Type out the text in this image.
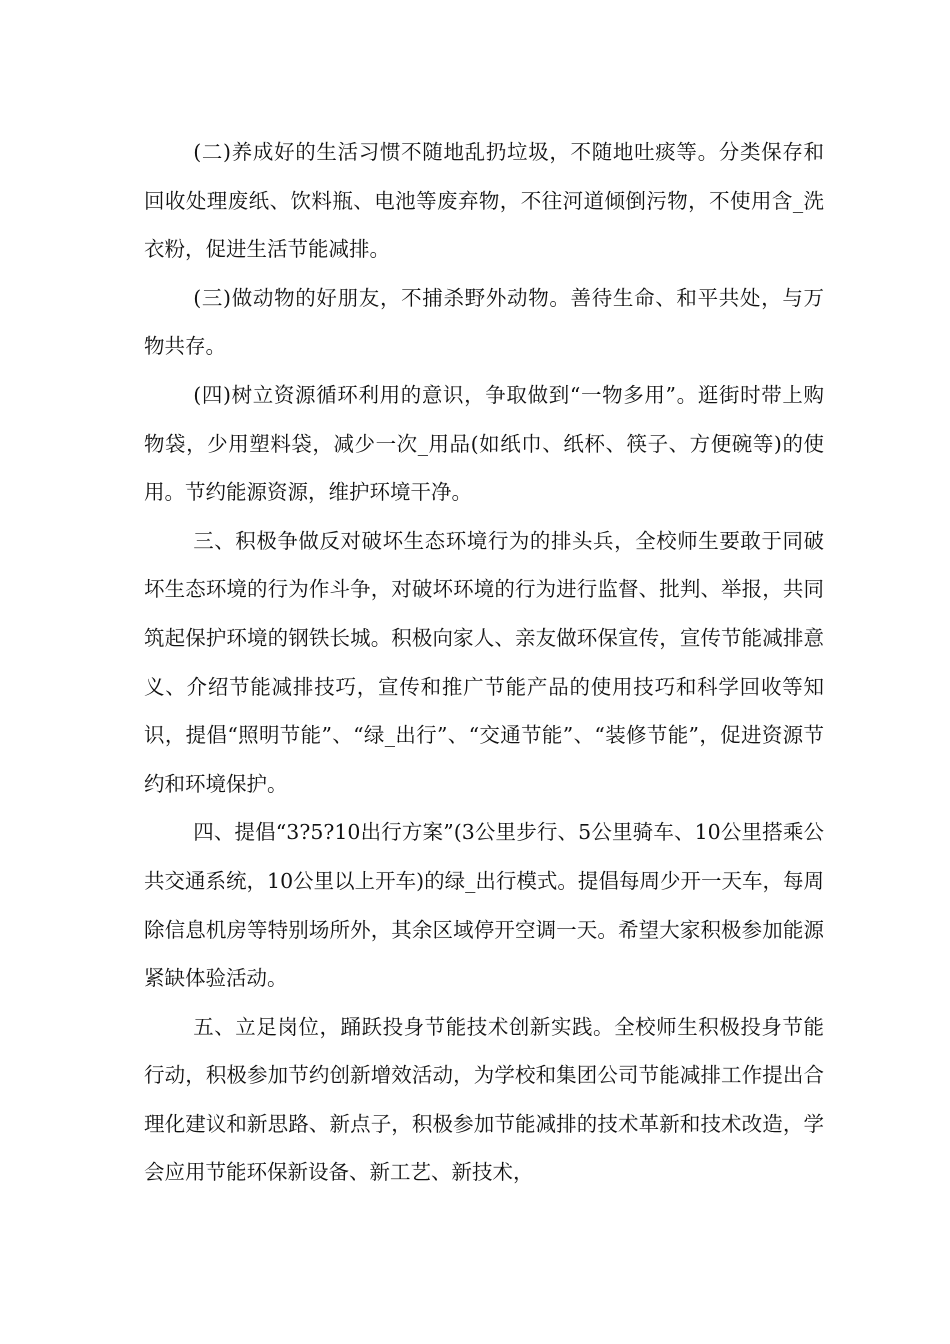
(二)养成好的生活习惯不随地乱扔垃圾，不随地吐痰等。分类保存和回收处理废纸、饮料瓶、电池等废弃物，不往河道倾倒污物，不使用含_洗衣粉，促进生活节能减排。

(三)做动物的好朋友，不捕杀野外动物。善待生命、和平共处，与万物共存。

(四)树立资源循环利用的意识，争取做到“一物多用”。逛街时带上购物袋，少用塑料袋，减少一次_用品(如纸巾、纸杯、筷子、方便碗等)的使用。节约能源资源，维护环境干净。

三、积极争做反对破坏生态环境行为的排头兵，全校师生要敢于同破坏生态环境的行为作斗争，对破坏环境的行为进行监督、批判、举报，共同筑起保护环境的钢铁长城。积极向家人、亲友做环保宣传，宣传节能减排意义、介绍节能减排技巧，宣传和推广节能产品的使用技巧和科学回收等知识，提倡“照明节能”、“绿_出行”、“交通节能”、“装修节能”，促进资源节约和环境保护。

四、提倡“3?5?10出行方案”(3公里步行、5公里骑车、10公里搭乘公共交通系统，10公里以上开车)的绿_出行模式。提倡每周少开一天车，每周除信息机房等特别场所外，其余区域停开空调一天。希望大家积极参加能源紧缺体验活动。

五、立足岗位，踊跃投身节能技术创新实践。全校师生积极投身节能行动，积极参加节约创新增效活动，为学校和集团公司节能减排工作提出合理化建议和新思路、新点子，积极参加节能减排的技术革新和技术改造，学会应用节能环保新设备、新工艺、新技术，
